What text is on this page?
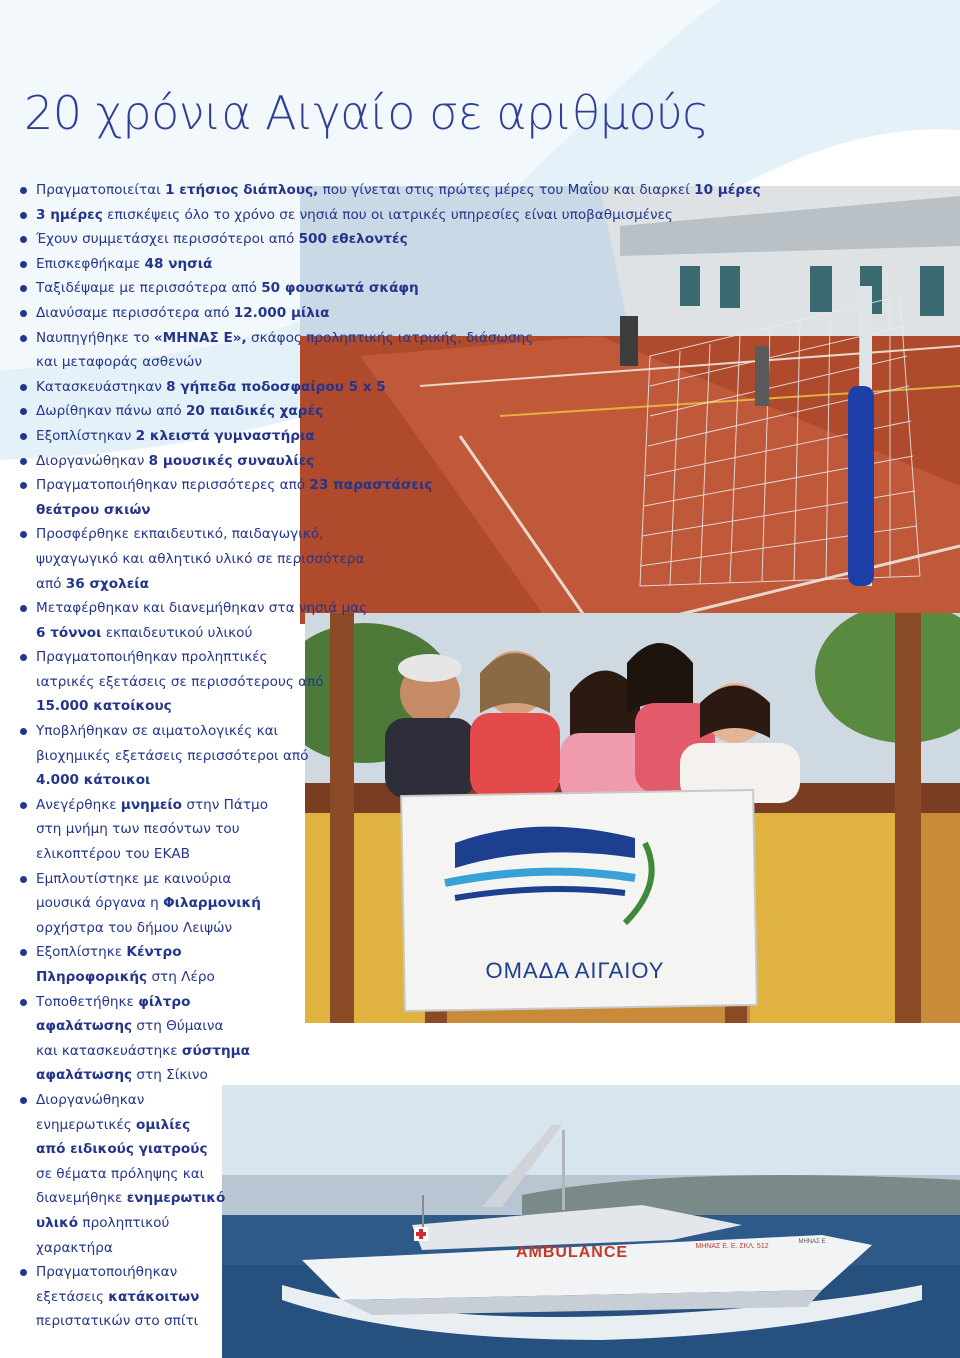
ΟΜΑΔΑ ΑΙΓΑΙΟΥ
AMBULANCE	ΜΗΝΑΣ Ε. Ε. ΣΚΛ. 512
ΜΗΝΑΣ Ε
20 χρόνια Αιγαίο σε αριθμούς
Πραγματοποιείται 1 ετήσιος διάπλους, που γίνεται στις πρώτες μέρες του Μαΐου και διαρκεί 10 μέρες
3 ημέρες επισκέψεις όλο το χρόνο σε νησιά που οι ιατρικές υπηρεσίες είναι υποβαθμισμένες
Έχουν συμμετάσχει περισσότεροι από 500 εθελοντές
Επισκεφθήκαμε 48 νησιά
Ταξιδέψαμε με περισσότερα από 50 φουσκωτά σκάφη
Διανύσαμε περισσότερα από 12.000 μίλια
Ναυπηγήθηκε το «ΜΗΝΑΣ Ε», σκάφος προληπτικής ιατρικής, διάσωσης
και μεταφοράς ασθενών
Κατασκευάστηκαν 8 γήπεδα ποδοσφαίρου 5 x 5
Δωρίθηκαν πάνω από 20 παιδικές χαρές
Εξοπλίστηκαν 2 κλειστά γυμναστήρια
Διοργανώθηκαν 8 μουσικές συναυλίες
Πραγματοποιήθηκαν περισσότερες από 23 παραστάσεις
θεάτρου σκιών
Προσφέρθηκε εκπαιδευτικό, παιδαγωγικό,
ψυχαγωγικό και αθλητικό υλικό σε περισσότερα
από 36 σχολεία
Μεταφέρθηκαν και διανεμήθηκαν στα νησιά μας
6 τόννοι εκπαιδευτικού υλικού
Πραγματοποιήθηκαν προληπτικές
ιατρικές εξετάσεις σε περισσότερους από
15.000 κατοίκους
Υποβλήθηκαν σε αιματολογικές και
βιοχημικές εξετάσεις περισσότεροι από
4.000 κάτοικοι
Ανεγέρθηκε μνημείο στην Πάτμο
στη μνήμη των πεσόντων του
ελικοπτέρου του ΕΚΑΒ
Εμπλουτίστηκε με καινούρια
μουσικά όργανα η Φιλαρμονική
ορχήστρα του δήμου Λειψών
Εξοπλίστηκε Κέντρο
Πληροφορικής στη Λέρο
Τοποθετήθηκε φίλτρο
αφαλάτωσης στη Θύμαινα
και κατασκευάστηκε σύστημα
αφαλάτωσης στη Σίκινο
Διοργανώθηκαν
ενημερωτικές ομιλίες
από ειδικούς γιατρούς
σε θέματα πρόληψης και
διανεμήθηκε ενημερωτικό
υλικό προληπτικού
χαρακτήρα
Πραγματοποιήθηκαν
εξετάσεις κατάκοιτων
περιστατικών στο σπίτι
